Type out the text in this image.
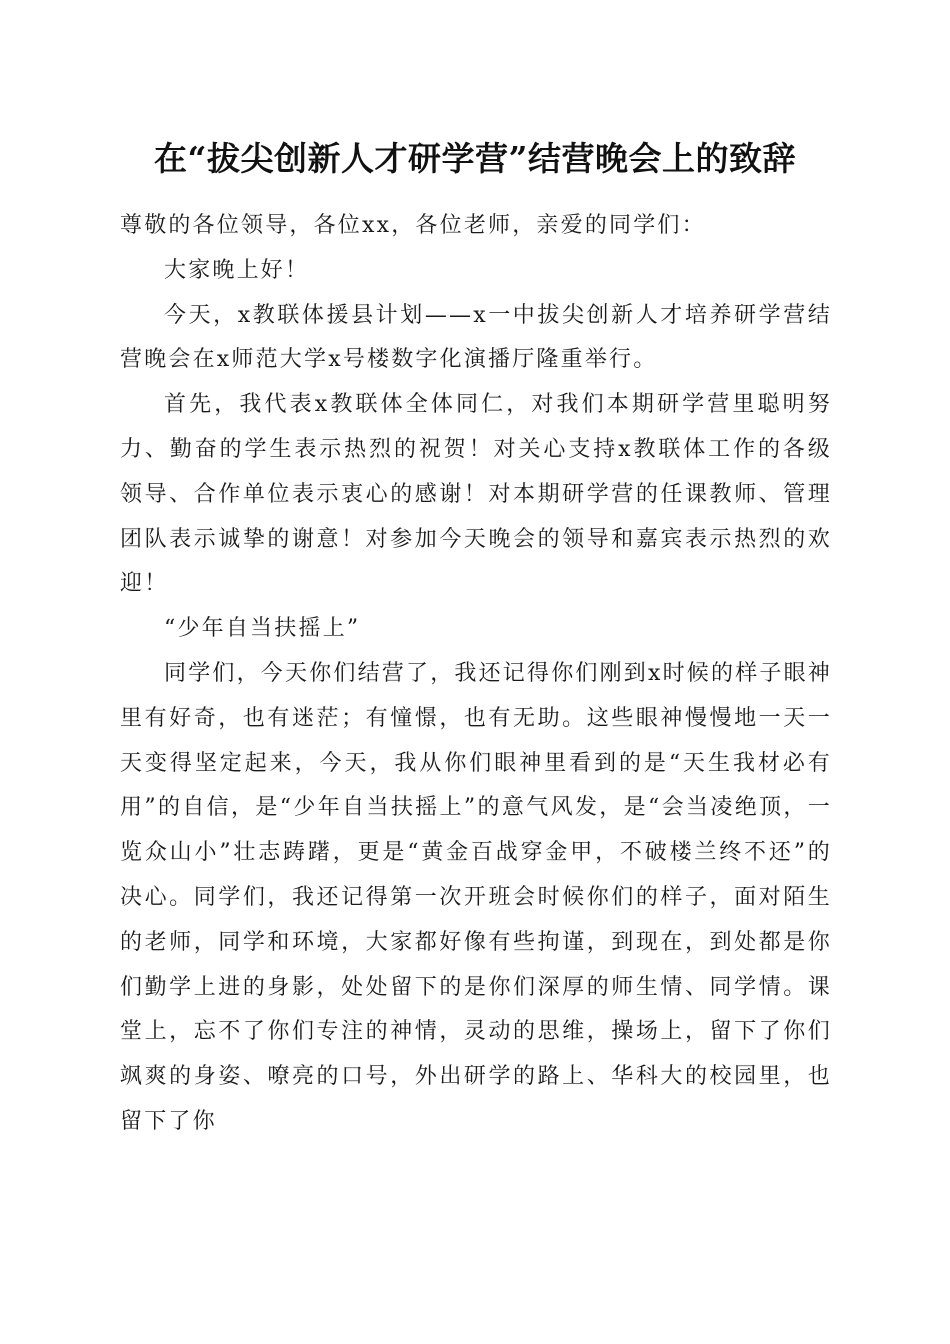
在“拔尖创新人才研学营”结营晚会上的致辞

尊敬的各位领导，各位xx，各位老师，亲爱的同学们：

大家晚上好！

今天，x教联体援县计划——x一中拔尖创新人才培养研学营结营晚会在x师范大学x号楼数字化演播厅隆重举行。

首先，我代表x教联体全体同仁，对我们本期研学营里聪明努力、勤奋的学生表示热烈的祝贺！对关心支持x教联体工作的各级领导、合作单位表示衷心的感谢！对本期研学营的任课教师、管理团队表示诚挚的谢意！对参加今天晚会的领导和嘉宾表示热烈的欢迎！

“少年自当扶摇上”

同学们，今天你们结营了，我还记得你们刚到x时候的样子眼神里有好奇，也有迷茫；有憧憬，也有无助。这些眼神慢慢地一天一天变得坚定起来，今天，我从你们眼神里看到的是“天生我材必有用”的自信，是“少年自当扶摇上”的意气风发，是“会当凌绝顶，一览众山小”壮志踌躇，更是“黄金百战穿金甲，不破楼兰终不还”的决心。同学们，我还记得第一次开班会时候你们的样子，面对陌生的老师，同学和环境，大家都好像有些拘谨，到现在，到处都是你们勤学上进的身影，处处留下的是你们深厚的师生情、同学情。课堂上，忘不了你们专注的神情，灵动的思维，操场上，留下了你们飒爽的身姿、嘹亮的口号，外出研学的路上、华科大的校园里，也留下了你
